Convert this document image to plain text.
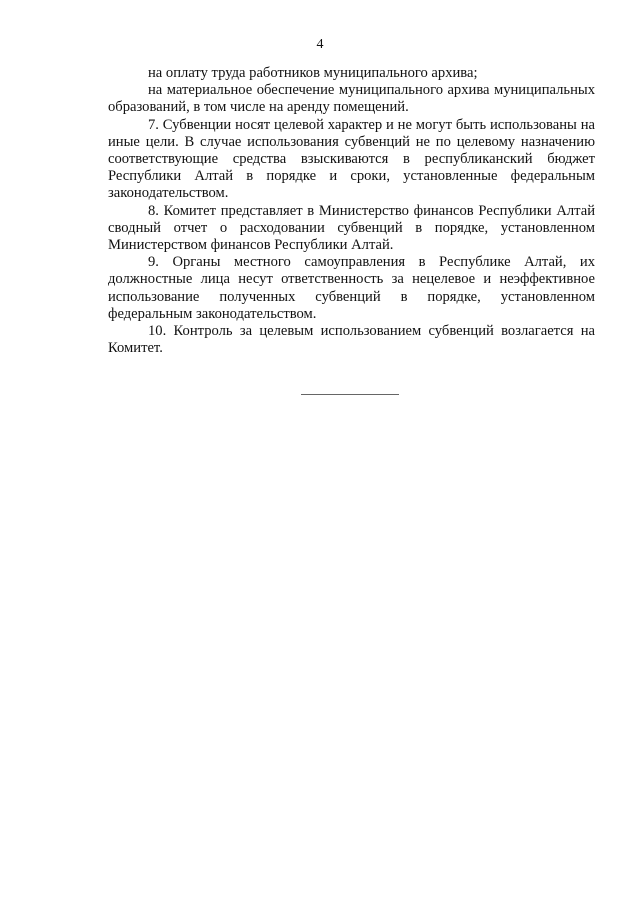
4

на оплату труда работников муниципального архива;

на материальное обеспечение муниципального архива муниципальных образований, в том числе на аренду помещений.

7. Субвенции носят целевой характер и не могут быть использованы на иные цели. В случае использования субвенций не по целевому назначению соответствующие средства взыскиваются в республиканский бюджет Республики Алтай в порядке и сроки, установленные федеральным законодательством.

8. Комитет представляет в Министерство финансов Республики Алтай сводный отчет о расходовании субвенций в порядке, установленном Министерством финансов Республики Алтай.

9. Органы местного самоуправления в Республике Алтай, их должностные лица несут ответственность за нецелевое и неэффективное использование полученных субвенций в порядке, установленном федеральным законодательством.

10. Контроль за целевым использованием субвенций возлагается на Комитет.
